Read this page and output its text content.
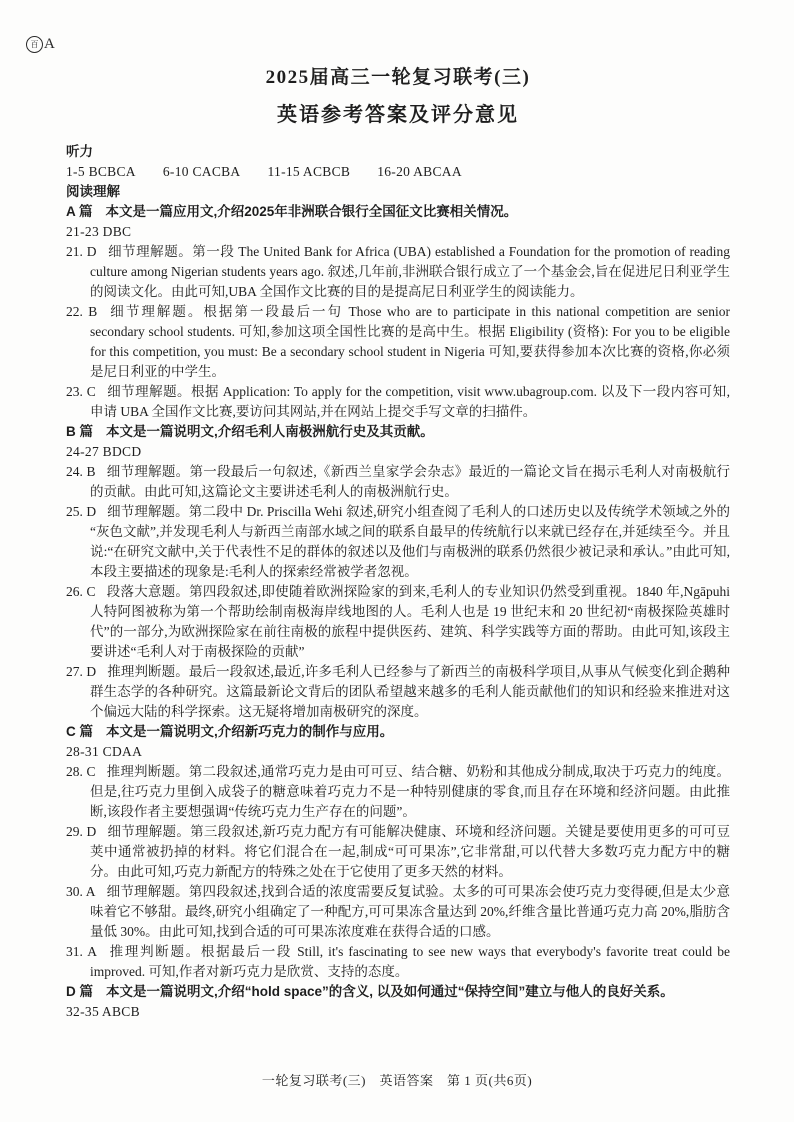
百 A
2025届高三一轮复习联考(三)
英语参考答案及评分意见

听力

1-5 BCBCA 6-10 CACBA 11-15 ACBCB 16-20 ABCAA

阅读理解

A 篇 本文是一篇应用文,介绍2025年非洲联合银行全国征文比赛相关情况。

21-23 DBC

21. D 细节理解题。第一段 The United Bank for Africa (UBA) established a Foundation for the promotion of reading culture among Nigerian students years ago. 叙述,几年前,非洲联合银行成立了一个基金会,旨在促进尼日利亚学生的阅读文化。由此可知,UBA 全国作文比赛的目的是提高尼日利亚学生的阅读能力。

22. B 细节理解题。根据第一段最后一句 Those who are to participate in this national competition are senior secondary school students. 可知,参加这项全国性比赛的是高中生。根据 Eligibility (资格): For you to be eligible for this competition, you must: Be a secondary school student in Nigeria 可知,要获得参加本次比赛的资格,你必须是尼日利亚的中学生。

23. C 细节理解题。根据 Application: To apply for the competition, visit www.ubagroup.com. 以及下一段内容可知,申请 UBA 全国作文比赛,要访问其网站,并在网站上提交手写文章的扫描件。

B 篇 本文是一篇说明文,介绍毛利人南极洲航行史及其贡献。

24-27 BDCD

24. B 细节理解题。第一段最后一句叙述,《新西兰皇家学会杂志》最近的一篇论文旨在揭示毛利人对南极航行的贡献。由此可知,这篇论文主要讲述毛利人的南极洲航行史。

25. D 细节理解题。第二段中 Dr. Priscilla Wehi 叙述,研究小组查阅了毛利人的口述历史以及传统学术领域之外的“灰色文献”,并发现毛利人与新西兰南部水域之间的联系自最早的传统航行以来就已经存在,并延续至今。并且说:“在研究文献中,关于代表性不足的群体的叙述以及他们与南极洲的联系仍然很少被记录和承认。”由此可知,本段主要描述的现象是:毛利人的探索经常被学者忽视。

26. C 段落大意题。第四段叙述,即使随着欧洲探险家的到来,毛利人的专业知识仍然受到重视。1840 年,Ngāpuhi 人特阿图被称为第一个帮助绘制南极海岸线地图的人。毛利人也是 19 世纪末和 20 世纪初“南极探险英雄时代”的一部分,为欧洲探险家在前往南极的旅程中提供医药、建筑、科学实践等方面的帮助。由此可知,该段主要讲述“毛利人对于南极探险的贡献”

27. D 推理判断题。最后一段叙述,最近,许多毛利人已经参与了新西兰的南极科学项目,从事从气候变化到企鹅种群生态学的各种研究。这篇最新论文背后的团队希望越来越多的毛利人能贡献他们的知识和经验来推进对这个偏远大陆的科学探索。这无疑将增加南极研究的深度。

C 篇 本文是一篇说明文,介绍新巧克力的制作与应用。

28-31 CDAA

28. C 推理判断题。第二段叙述,通常巧克力是由可可豆、结合糖、奶粉和其他成分制成,取决于巧克力的纯度。但是,往巧克力里倒入成袋子的糖意味着巧克力不是一种特别健康的零食,而且存在环境和经济问题。由此推断,该段作者主要想强调“传统巧克力生产存在的问题”。

29. D 细节理解题。第三段叙述,新巧克力配方有可能解决健康、环境和经济问题。关键是要使用更多的可可豆荚中通常被扔掉的材料。将它们混合在一起,制成“可可果冻”,它非常甜,可以代替大多数巧克力配方中的糖分。由此可知,巧克力新配方的特殊之处在于它使用了更多天然的材料。

30. A 细节理解题。第四段叙述,找到合适的浓度需要反复试验。太多的可可果冻会使巧克力变得硬,但是太少意味着它不够甜。最终,研究小组确定了一种配方,可可果冻含量达到 20%,纤维含量比普通巧克力高 20%,脂肪含量低 30%。由此可知,找到合适的可可果冻浓度难在获得合适的口感。

31. A 推理判断题。根据最后一段 Still, it's fascinating to see new ways that everybody's favorite treat could be improved. 可知,作者对新巧克力是欣赏、支持的态度。

D 篇 本文是一篇说明文,介绍“hold space”的含义, 以及如何通过“保持空间”建立与他人的良好关系。

32-35 ABCB

一轮复习联考(三)　英语答案　第 1 页(共6页)
